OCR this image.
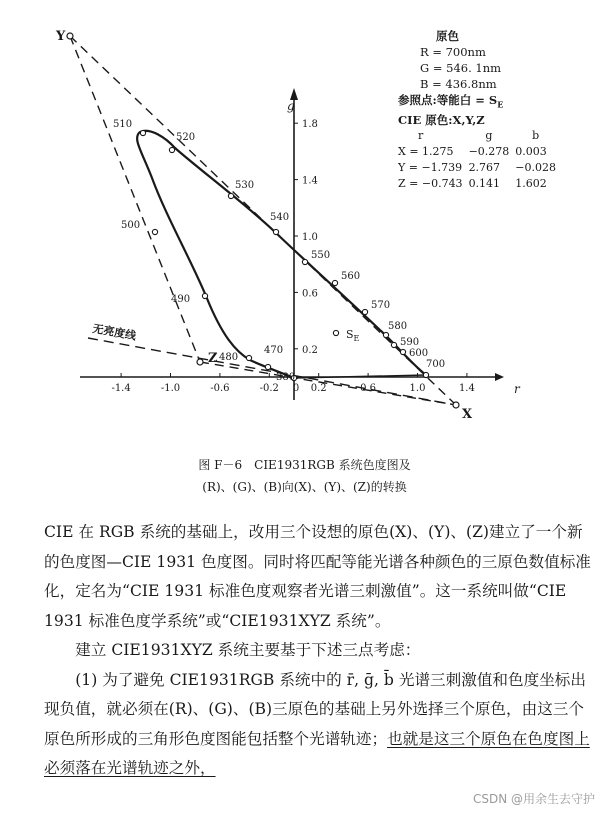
g
r
-1.4	-1.0	-0.6	-0.2 0 0.2	0.6	1.0	1.4
1.8
1.4
1.0
0.6
0.2
Y
Z
X
无亮度线
510
520
530
540
550
560
570
580
590
600
700
500
490
480
470
380
$S_E$
原色
R = 700nm
G = 546. 1nm
B = 436.8nm
参照点:等能白 = $S_E$
CIE 原色:X,Y,Z
r	g	b
X = 1.275	−0.278	0.003
Y = −1.739	2.767	−0.028
Z = −0.743	0.141	1.602
图 F－6　CIE1931RGB 系统色度图及
(R)、(G)、(B)向(X)、(Y)、(Z)的转换

CIE 在 RGB 系统的基础上，改用三个设想的原色(X)、(Y)、(Z)建立了一个新的色度图—CIE 1931 色度图。同时将匹配等能光谱各种颜色的三原色数值标准化，定名为“CIE 1931 标准色度观察者光谱三刺激值”。这一系统叫做“CIE 1931 标准色度学系统”或“CIE1931XYZ 系统”。

建立 CIE1931XYZ 系统主要基于下述三点考虑：

(1) 为了避免 CIE1931RGB 系统中的 r̄, ḡ, b̄ 光谱三刺激值和色度坐标出现负值，就必须在(R)、(G)、(B)三原色的基础上另外选择三个原色，由这三个原色所形成的三角形色度图能包括整个光谱轨迹；也就是这三个原色在色度图上必须落在光谱轨迹之外，

CSDN @用余生去守护
